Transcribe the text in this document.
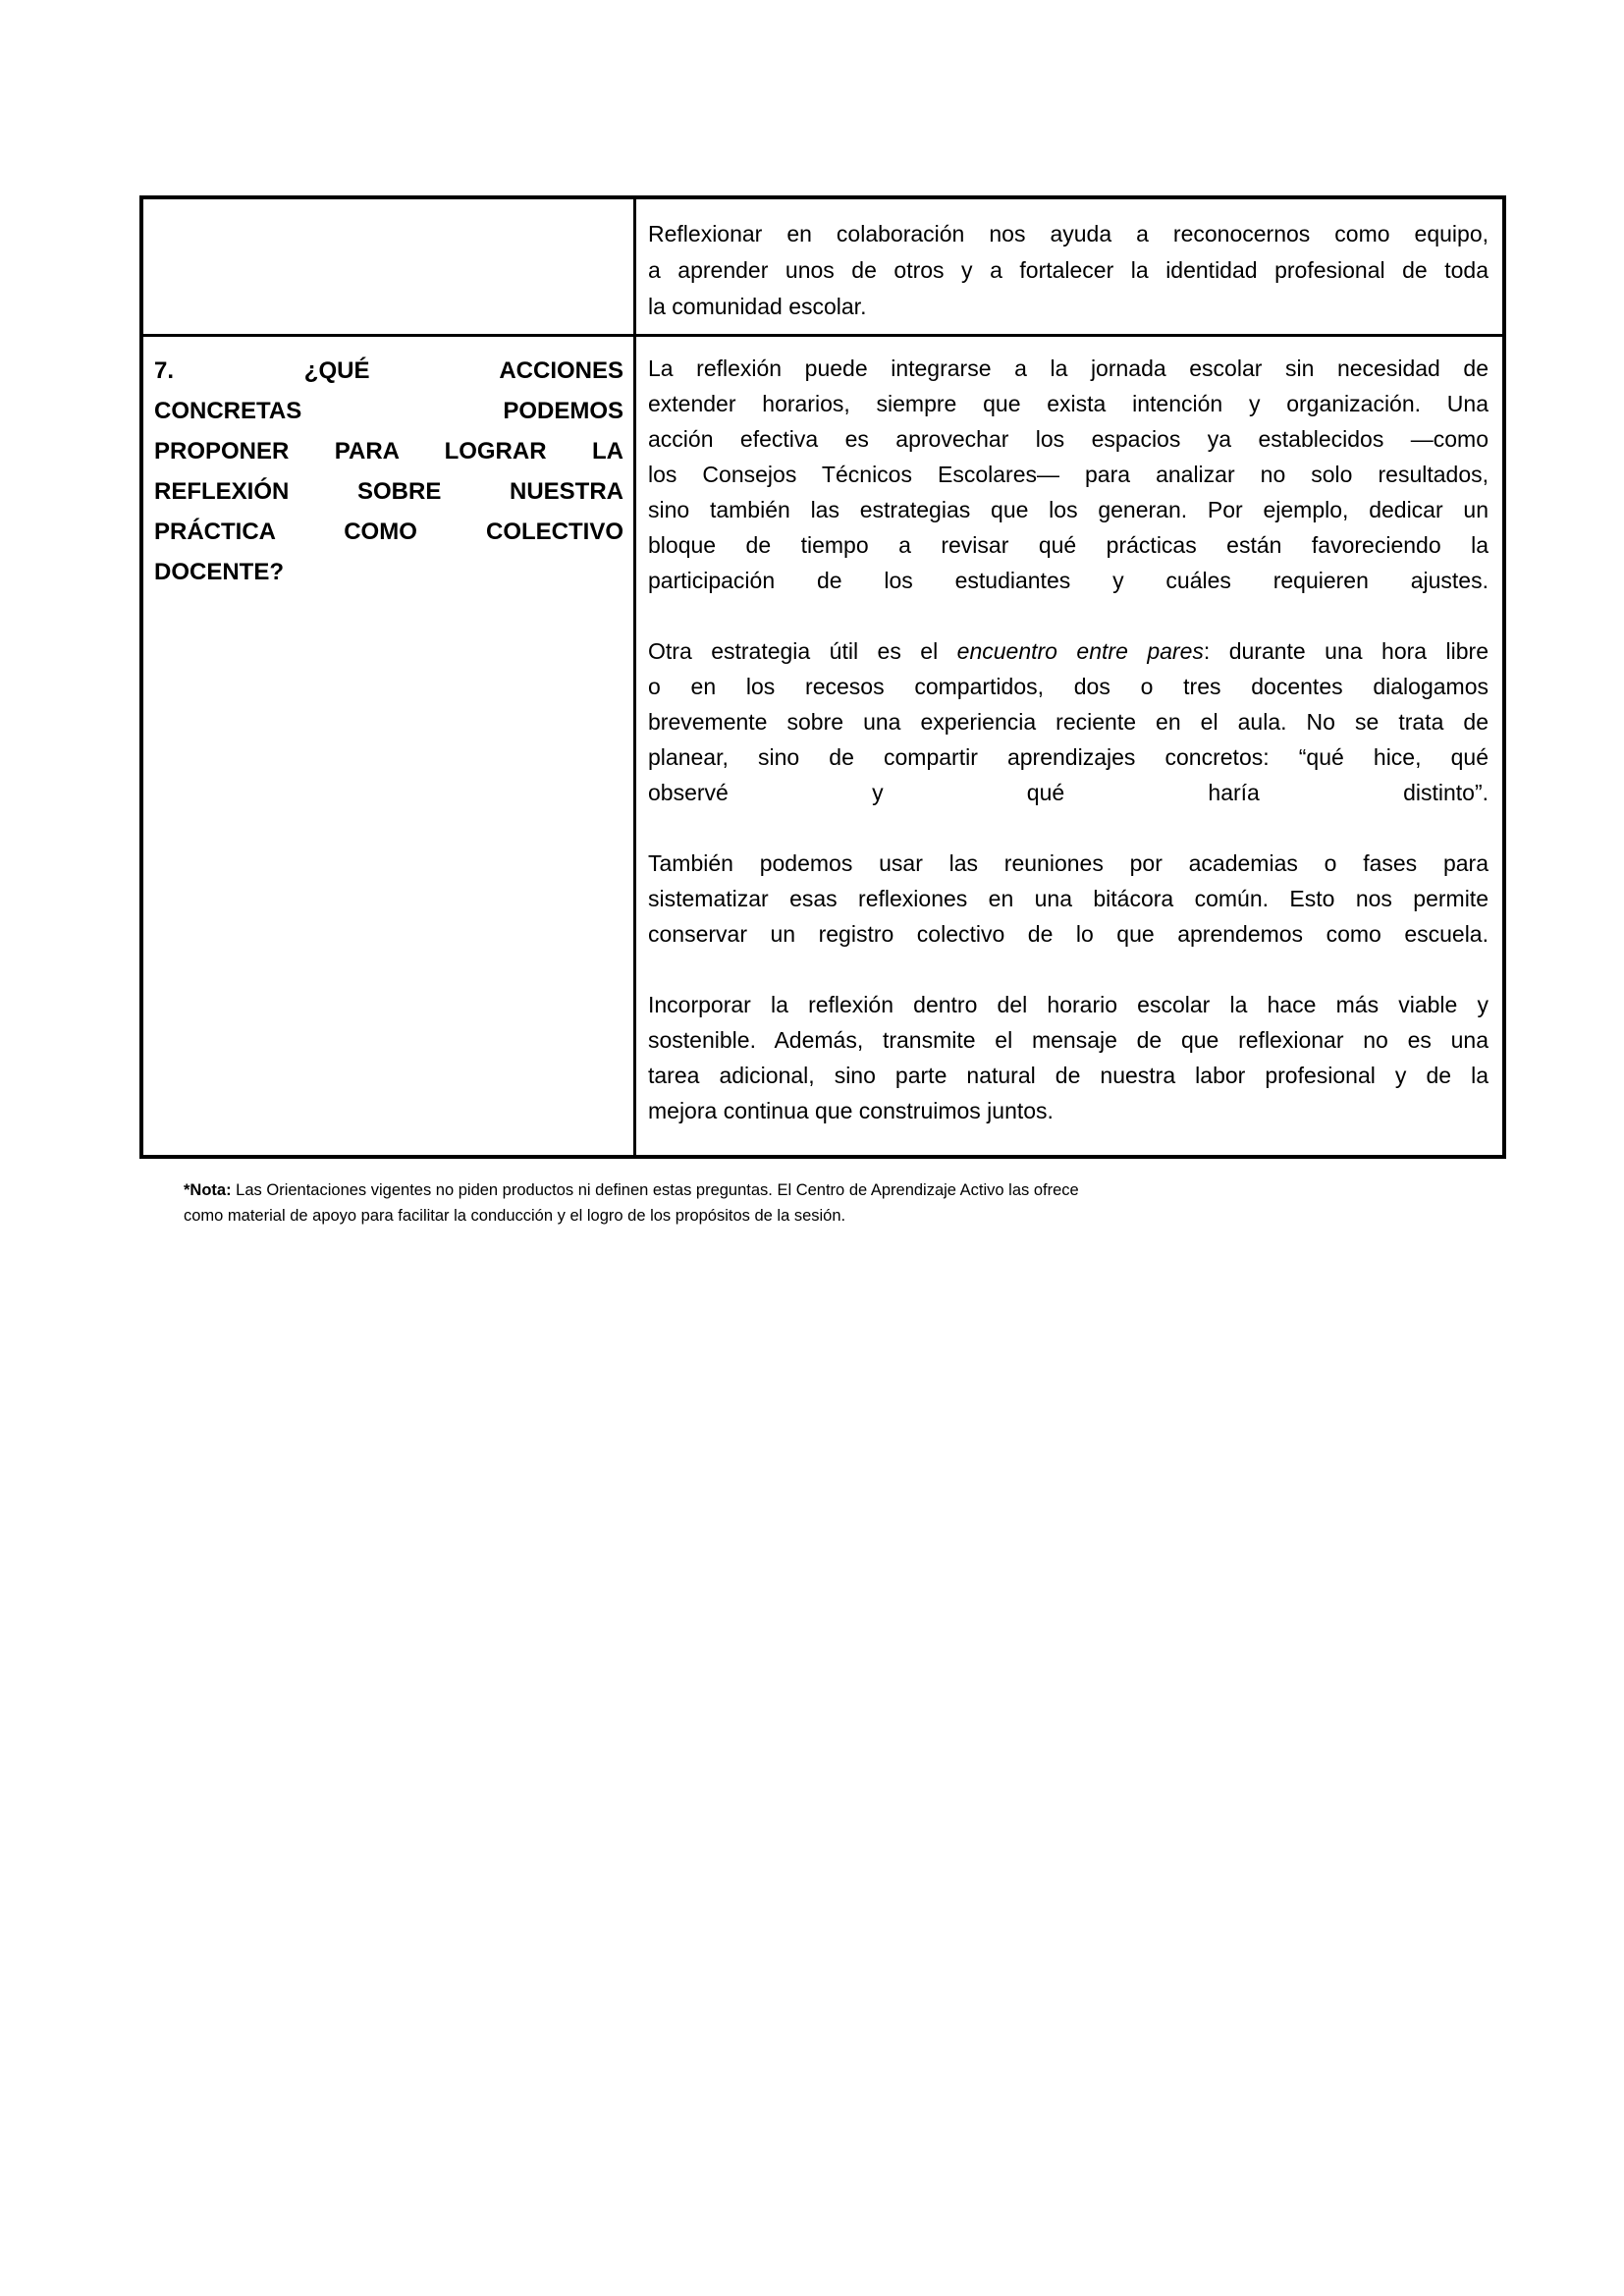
Reflexionar en colaboración nos ayuda a reconocernos como equipo,
a aprender unos de otros y a fortalecer la identidad profesional de toda
la comunidad escolar.
7. ¿QUÉ ACCIONES
CONCRETAS PODEMOS
PROPONER PARA LOGRAR LA
REFLEXIÓN SOBRE NUESTRA
PRÁCTICA COMO COLECTIVO
DOCENTE?
La reflexión puede integrarse a la jornada escolar sin necesidad de
extender horarios, siempre que exista intención y organización. Una
acción efectiva es aprovechar los espacios ya establecidos —como
los Consejos Técnicos Escolares— para analizar no solo resultados,
sino también las estrategias que los generan. Por ejemplo, dedicar un
bloque de tiempo a revisar qué prácticas están favoreciendo la
participación de los estudiantes y cuáles requieren ajustes.
Otra estrategia útil es el encuentro entre pares: durante una hora libre
o en los recesos compartidos, dos o tres docentes dialogamos
brevemente sobre una experiencia reciente en el aula. No se trata de
planear, sino de compartir aprendizajes concretos: “qué hice, qué
observé y qué haría distinto”.
También podemos usar las reuniones por academias o fases para
sistematizar esas reflexiones en una bitácora común. Esto nos permite
conservar un registro colectivo de lo que aprendemos como escuela.
Incorporar la reflexión dentro del horario escolar la hace más viable y
sostenible. Además, transmite el mensaje de que reflexionar no es una
tarea adicional, sino parte natural de nuestra labor profesional y de la
mejora continua que construimos juntos.
*Nota: Las Orientaciones vigentes no piden productos ni definen estas preguntas. El Centro de Aprendizaje Activo las ofrece
como material de apoyo para facilitar la conducción y el logro de los propósitos de la sesión.
